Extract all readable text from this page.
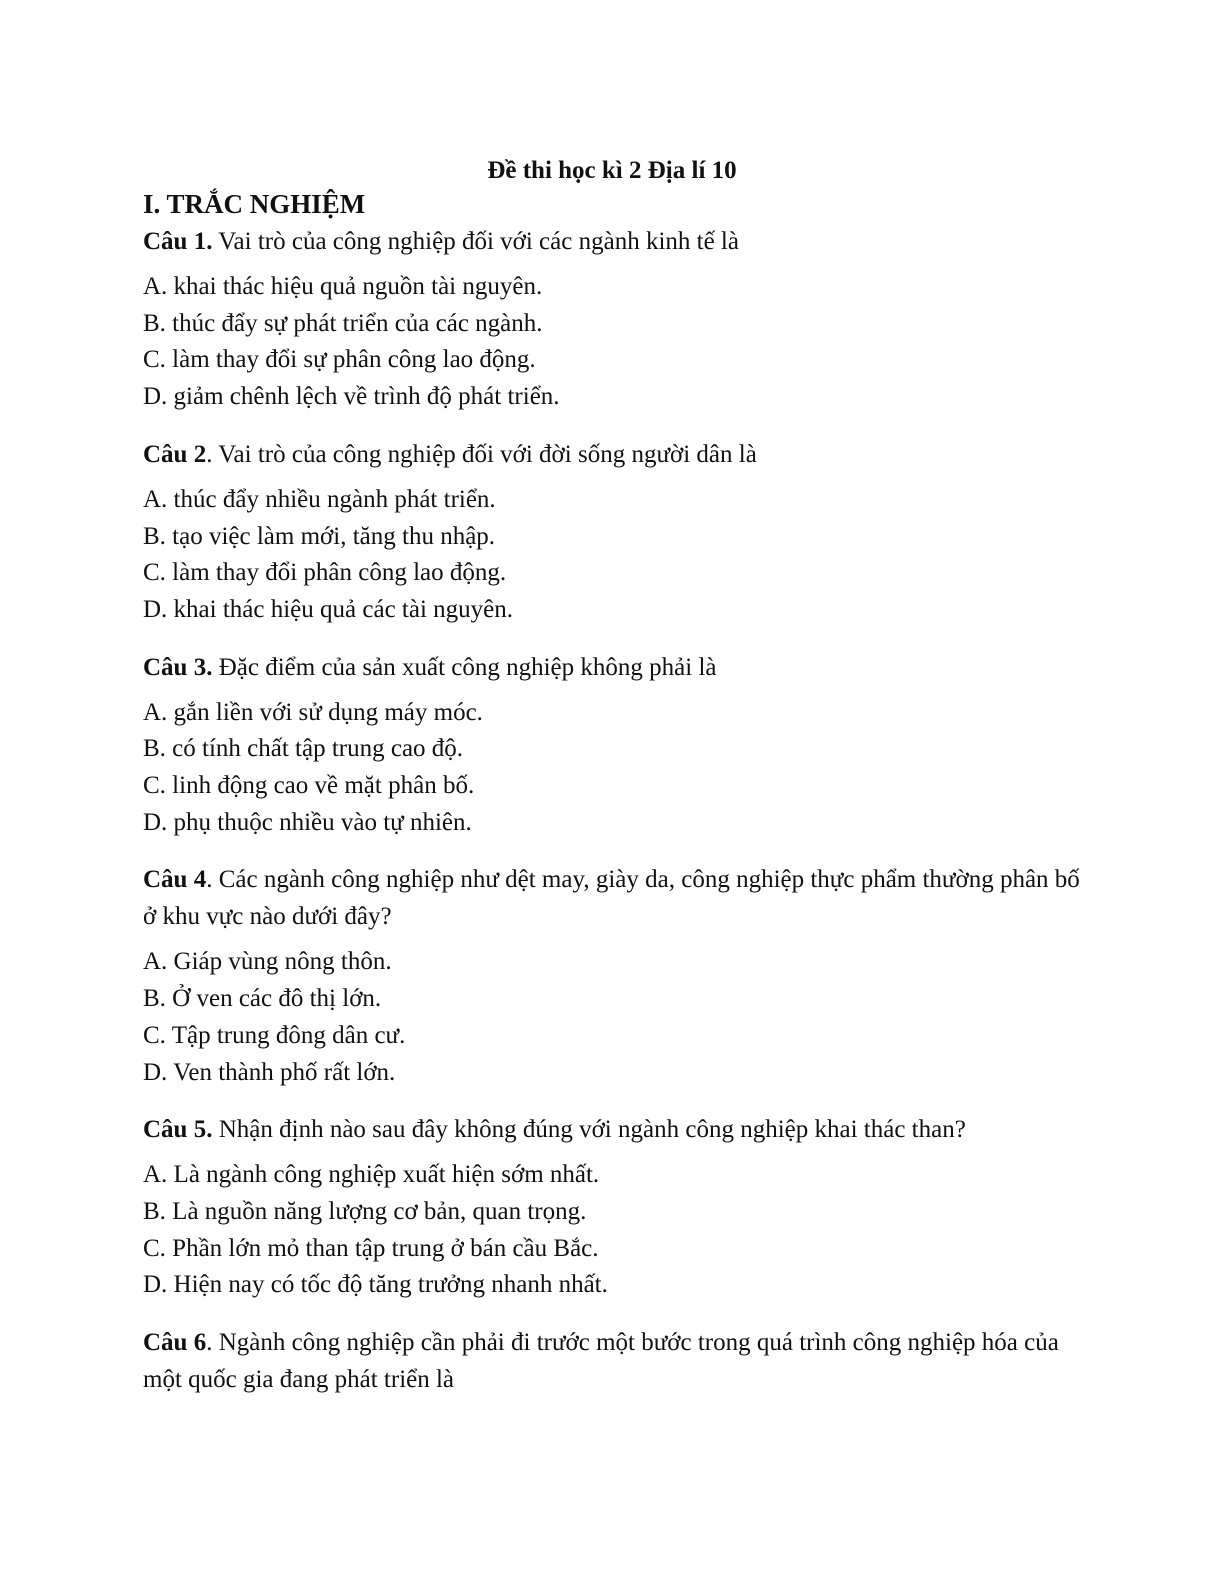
Đề thi học kì 2 Địa lí 10
I. TRẮC NGHIỆM

Câu 1. Vai trò của công nghiệp đối với các ngành kinh tế là

A. khai thác hiệu quả nguồn tài nguyên.

B. thúc đẩy sự phát triển của các ngành.

C. làm thay đổi sự phân công lao động.

D. giảm chênh lệch về trình độ phát triển.

Câu 2. Vai trò của công nghiệp đối với đời sống người dân là

A. thúc đẩy nhiều ngành phát triển.

B. tạo việc làm mới, tăng thu nhập.

C. làm thay đổi phân công lao động.

D. khai thác hiệu quả các tài nguyên.

Câu 3. Đặc điểm của sản xuất công nghiệp không phải là

A. gắn liền với sử dụng máy móc.

B. có tính chất tập trung cao độ.

C. linh động cao về mặt phân bố.

D. phụ thuộc nhiều vào tự nhiên.

Câu 4. Các ngành công nghiệp như dệt may, giày da, công nghiệp thực phẩm thường phân bố ở khu vực nào dưới đây?

A. Giáp vùng nông thôn.

B. Ở ven các đô thị lớn.

C. Tập trung đông dân cư.

D. Ven thành phố rất lớn.

Câu 5. Nhận định nào sau đây không đúng với ngành công nghiệp khai thác than?

A. Là ngành công nghiệp xuất hiện sớm nhất.

B. Là nguồn năng lượng cơ bản, quan trọng.

C. Phần lớn mỏ than tập trung ở bán cầu Bắc.

D. Hiện nay có tốc độ tăng trưởng nhanh nhất.

Câu 6. Ngành công nghiệp cần phải đi trước một bước trong quá trình công nghiệp hóa của một quốc gia đang phát triển là
